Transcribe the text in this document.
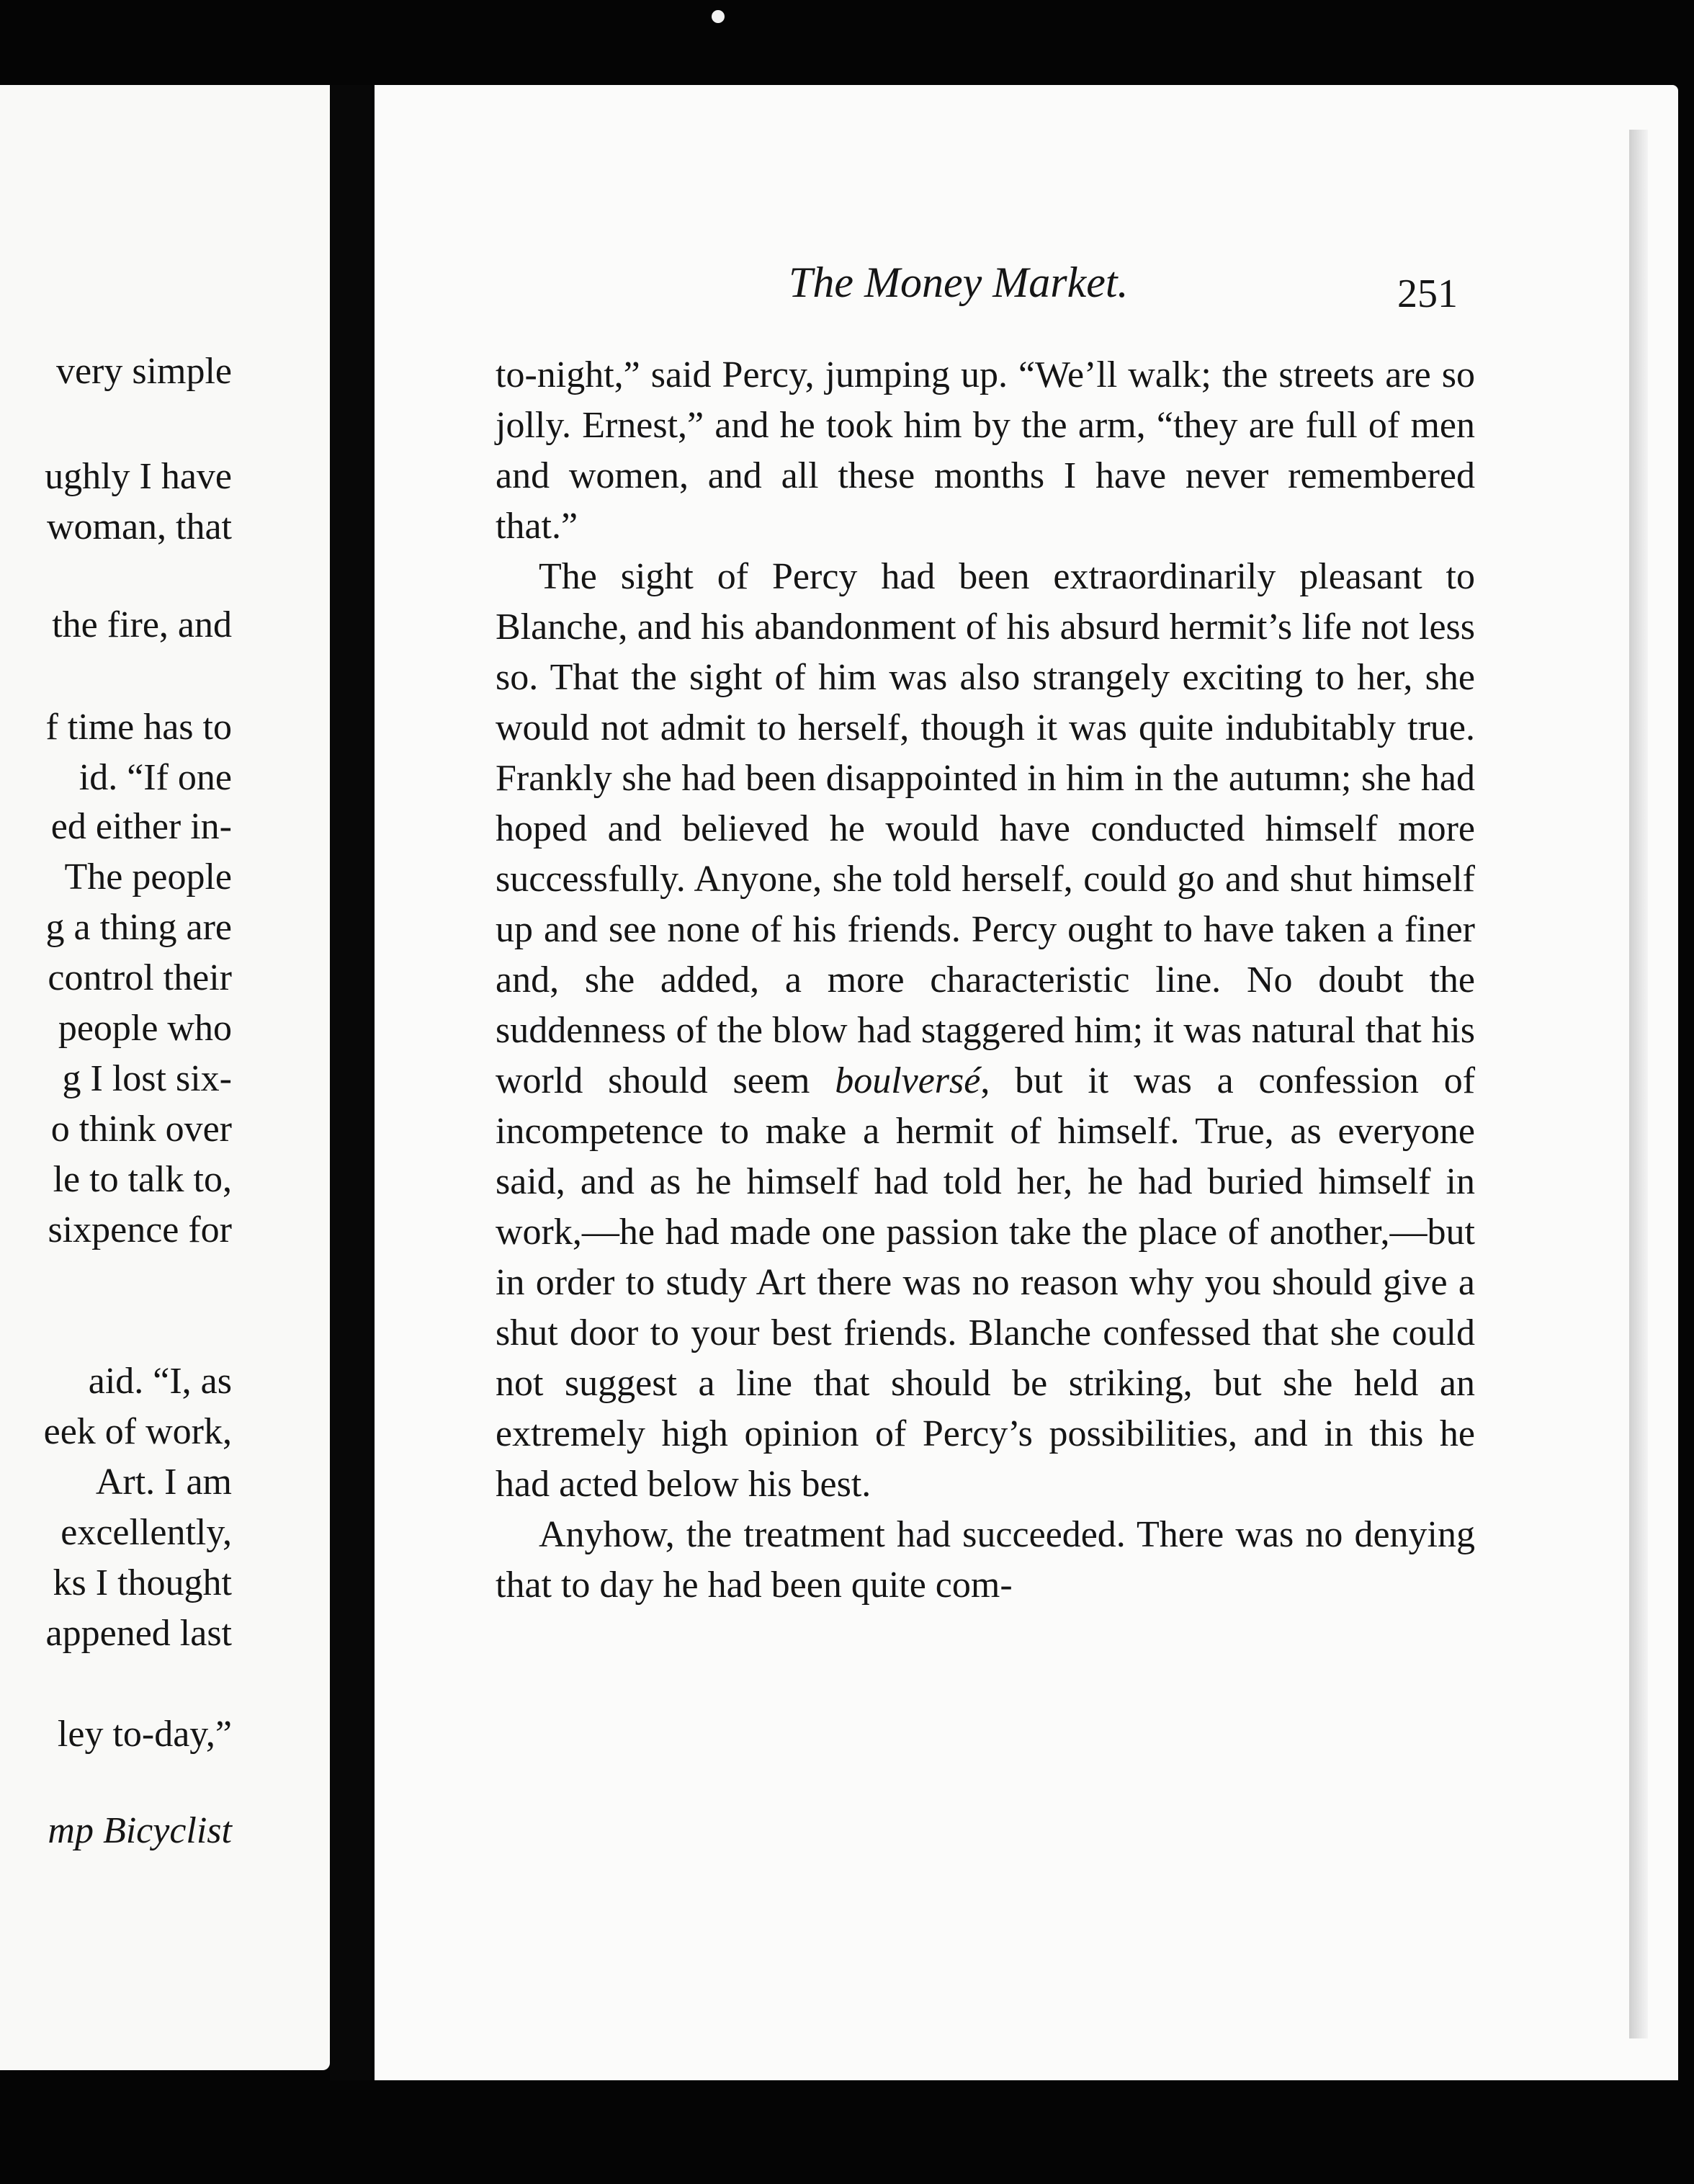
very simple
ughly I have
woman, that
the fire, and
f time has to
id. “If one
ed either in-
The people
g a thing are
control their
people who
g I lost six-
o think over
le to talk to,
sixpence for
aid. “I, as
eek of work,
Art. I am
excellently,
ks I thought
appened last
ley to-day,”
mp Bicyclist
The Money Market.	251

to-night,” said Percy, jumping up. “We’ll walk; the streets are so jolly. Ernest,” and he took him by the arm, “they are full of men and women, and all these months I have never remembered that.”

The sight of Percy had been extraordinarily pleasant to Blanche, and his abandonment of his absurd hermit’s life not less so. That the sight of him was also strangely exciting to her, she would not admit to herself, though it was quite indubitably true. Frankly she had been disappointed in him in the autumn; she had hoped and believed he would have conducted himself more successfully. Anyone, she told herself, could go and shut himself up and see none of his friends. Percy ought to have taken a finer and, she added, a more characteristic line. No doubt the suddenness of the blow had staggered him; it was natural that his world should seem boulversé, but it was a confession of incompetence to make a hermit of himself. True, as everyone said, and as he himself had told her, he had buried himself in work,—he had made one passion take the place of another,—but in order to study Art there was no reason why you should give a shut door to your best friends. Blanche confessed that she could not suggest a line that should be striking, but she held an extremely high opinion of Percy’s possibilities, and in this he had acted below his best.

Anyhow, the treatment had succeeded. There was no denying that to day he had been quite com-
